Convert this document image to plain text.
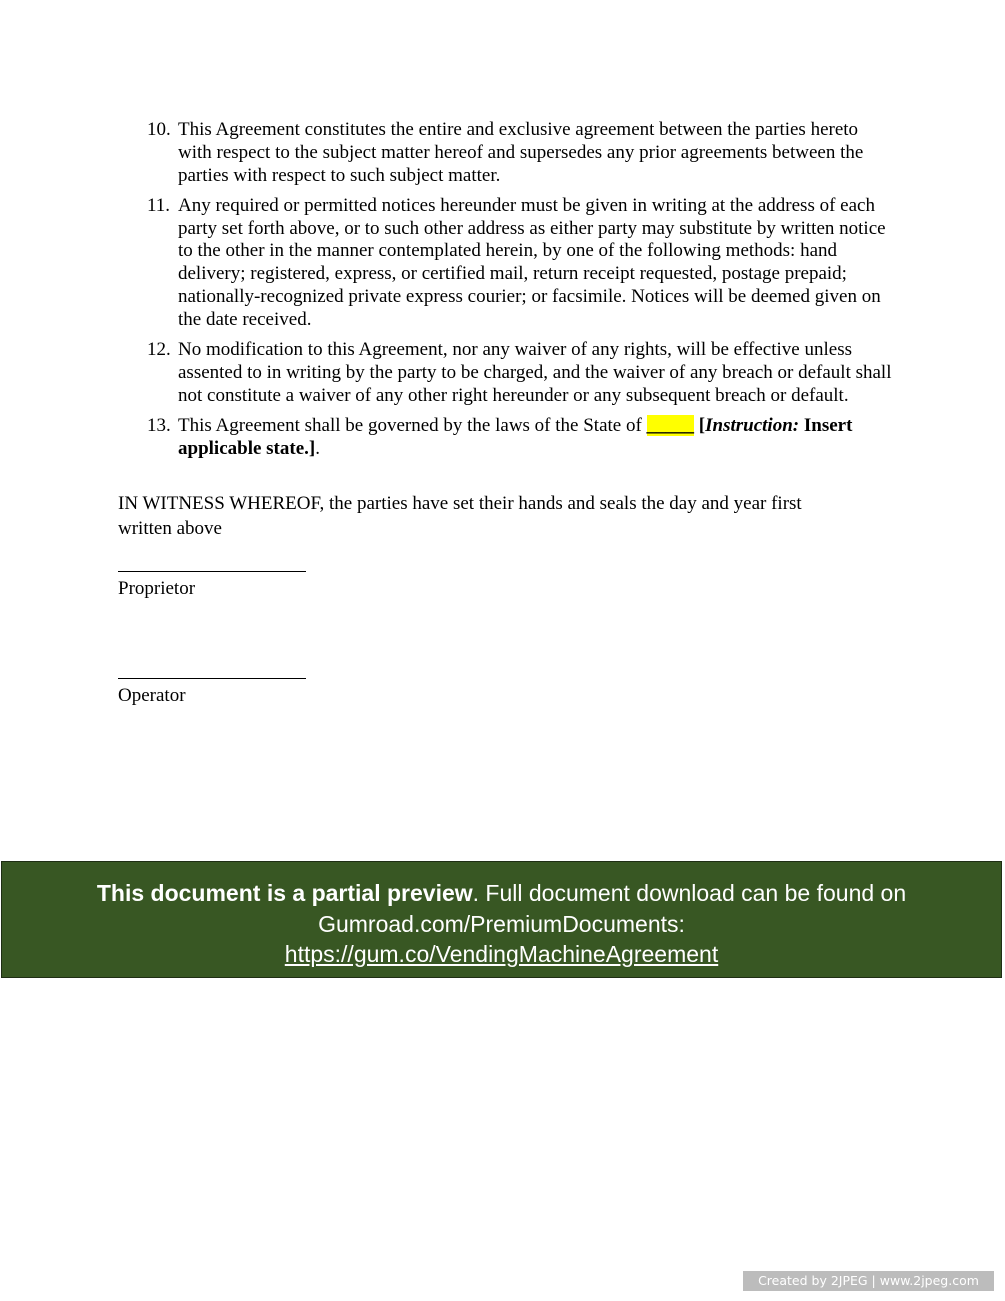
10. This Agreement constitutes the entire and exclusive agreement between the parties hereto with respect to the subject matter hereof and supersedes any prior agreements between the parties with respect to such subject matter.
11. Any required or permitted notices hereunder must be given in writing at the address of each party set forth above, or to such other address as either party may substitute by written notice to the other in the manner contemplated herein, by one of the following methods: hand delivery; registered, express, or certified mail, return receipt requested, postage prepaid; nationally-recognized private express courier; or facsimile. Notices will be deemed given on the date received.
12. No modification to this Agreement, nor any waiver of any rights, will be effective unless assented to in writing by the party to be charged, and the waiver of any breach or default shall not constitute a waiver of any other right hereunder or any subsequent breach or default.
13. This Agreement shall be governed by the laws of the State of _____ [Instruction: Insert applicable state.].

IN WITNESS WHEREOF, the parties have set their hands and seals the day and year first written above

Proprietor
Operator
This document is a partial preview. Full document download can be found on Gumroad.com/PremiumDocuments:
https://gum.co/VendingMachineAgreement
Created by 2JPEG | www.2jpeg.com
